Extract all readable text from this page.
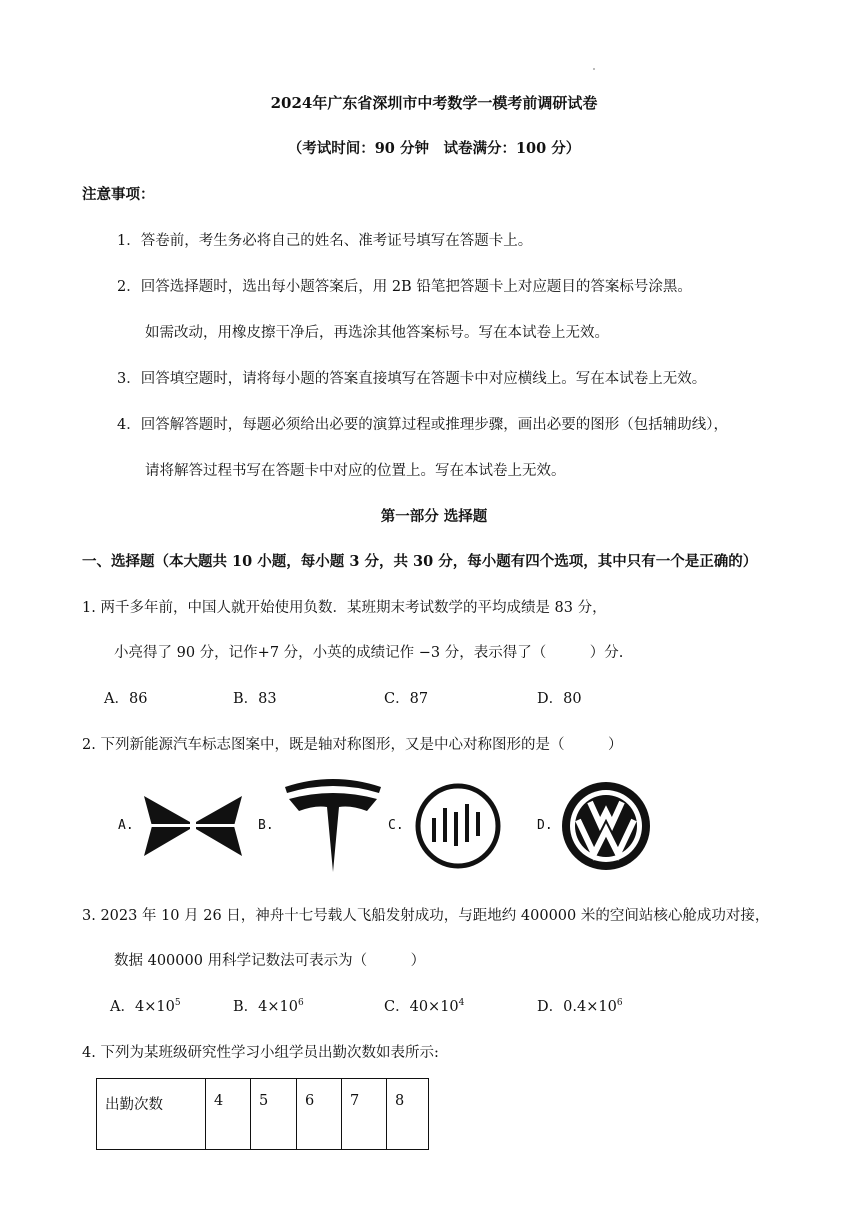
2024年广东省深圳市中考数学一模考前调研试卷
（考试时间：90 分钟　试卷满分：100 分）
注意事项：
1．答卷前，考生务必将自己的姓名、准考证号填写在答题卡上。
2．回答选择题时，选出每小题答案后，用 2B 铅笔把答题卡上对应题目的答案标号涂黑。
如需改动，用橡皮擦干净后，再选涂其他答案标号。写在本试卷上无效。
3．回答填空题时，请将每小题的答案直接填写在答题卡中对应横线上。写在本试卷上无效。
4．回答解答题时，每题必须给出必要的演算过程或推理步骤，画出必要的图形（包括辅助线），
请将解答过程书写在答题卡中对应的位置上。写在本试卷上无效。
第一部分 选择题
一、选择题（本大题共 10 小题，每小题 3 分，共 30 分，每小题有四个选项，其中只有一个是正确的）
1. 两千多年前，中国人就开始使用负数．某班期末考试数学的平均成绩是 83 分，
小亮得了 90 分，记作+7 分，小英的成绩记作 −3 分，表示得了（　　　）分.
A．86	B．83	C．87	D．80
2. 下列新能源汽车标志图案中，既是轴对称图形，又是中心对称图形的是（　　　）
A.	B.	C.	D.
3. 2023 年 10 月 26 日，神舟十七号载人飞船发射成功，与距地约 400000 米的空间站核心舱成功对接，
数据 400000 用科学记数法可表示为（　　　）
A．$4\times 10^5$	B．$4\times 10^6$	C．$40\times 10^4$	D．$0.4\times 10^6$
4. 下列为某班级研究性学习小组学员出勤次数如表所示:
出勤次数	4	5	6	7	8
